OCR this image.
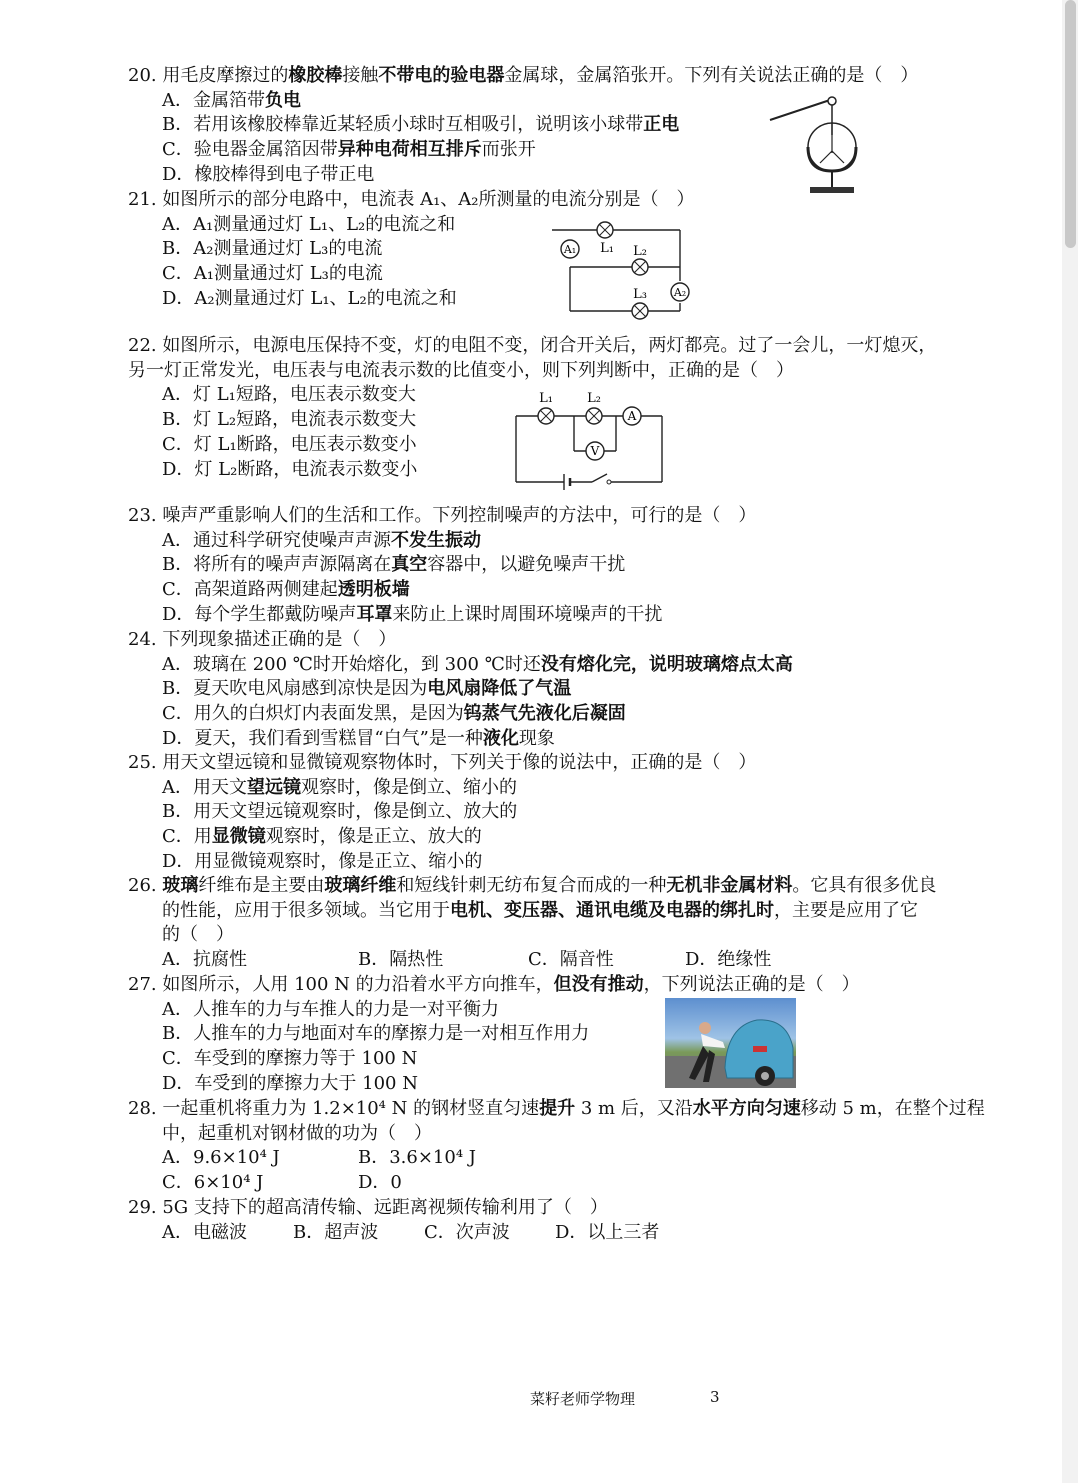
20. 用毛皮摩擦过的橡胶棒接触不带电的验电器金属球，金属箔张开。下列有关说法正确的是（　）
A．金属箔带负电
B．若用该橡胶棒靠近某轻质小球时互相吸引，说明该小球带正电
C．验电器金属箔因带异种电荷相互排斥而张开
D．橡胶棒得到电子带正电
21. 如图所示的部分电路中，电流表 A₁、A₂所测量的电流分别是（　）
A．A₁测量通过灯 L₁、L₂的电流之和
B．A₂测量通过灯 L₃的电流
C．A₁测量通过灯 L₃的电流
D．A₂测量通过灯 L₁、L₂的电流之和
A₁ L₁ L₂
L₃ A₂
22. 如图所示，电源电压保持不变，灯的电阻不变，闭合开关后，两灯都亮。过了一会儿，一灯熄灭，
另一灯正常发光，电压表与电流表示数的比值变小，则下列判断中，正确的是（　）
A．灯 L₁短路，电压表示数变大
B．灯 L₂短路，电流表示数变大
C．灯 L₁断路，电压表示数变小
D．灯 L₂断路，电流表示数变小
L₁	L₂
A
V
23. 噪声严重影响人们的生活和工作。下列控制噪声的方法中，可行的是（　）
A．通过科学研究使噪声声源不发生振动
B．将所有的噪声声源隔离在真空容器中，以避免噪声干扰
C．高架道路两侧建起透明板墙
D．每个学生都戴防噪声耳罩来防止上课时周围环境噪声的干扰
24. 下列现象描述正确的是（　）
A．玻璃在 200 ℃时开始熔化，到 300 ℃时还没有熔化完，说明玻璃熔点太高
B．夏天吹电风扇感到凉快是因为电风扇降低了气温
C．用久的白炽灯内表面发黑，是因为钨蒸气先液化后凝固
D．夏天，我们看到雪糕冒“白气”是一种液化现象
25. 用天文望远镜和显微镜观察物体时，下列关于像的说法中，正确的是（　）
A．用天文望远镜观察时，像是倒立、缩小的
B．用天文望远镜观察时，像是倒立、放大的
C．用显微镜观察时，像是正立、放大的
D．用显微镜观察时，像是正立、缩小的
26. 玻璃纤维布是主要由玻璃纤维和短线针刺无纺布复合而成的一种无机非金属材料。它具有很多优良
的性能，应用于很多领域。当它用于电机、变压器、通讯电缆及电器的绑扎时，主要是应用了它
的（　）
A．抗腐性	B．隔热性	C．隔音性	D．绝缘性
27. 如图所示，人用 100 N 的力沿着水平方向推车，但没有推动，下列说法正确的是（　）
A．人推车的力与车推人的力是一对平衡力
B．人推车的力与地面对车的摩擦力是一对相互作用力
C．车受到的摩擦力等于 100 N
D．车受到的摩擦力大于 100 N
28. 一起重机将重力为 1.2×10⁴ N 的钢材竖直匀速提升 3 m 后，又沿水平方向匀速移动 5 m，在整个过程
中，起重机对钢材做的功为（　）
A．9.6×10⁴ J	B．3.6×10⁴ J
C．6×10⁴ J	D．0
29. 5G 支持下的超高清传输、远距离视频传输利用了（　）
A．电磁波	B．超声波	C．次声波	D．以上三者
菜籽老师学物理	3
